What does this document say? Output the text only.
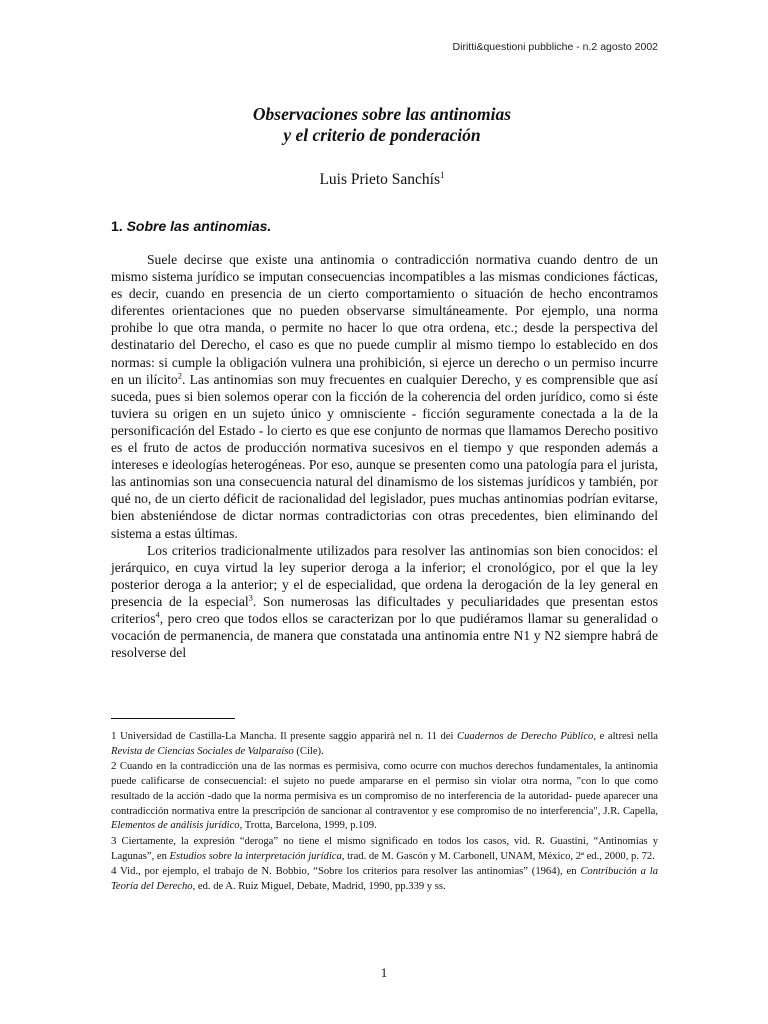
Diritti&questioni pubbliche - n.2 agosto 2002
Observaciones sobre las antinomias
y el criterio de ponderación
Luis Prieto Sanchís$^1$
1. Sobre las antinomias.

Suele decirse que existe una antinomia o contradicción normativa cuando dentro de un mismo sistema jurídico se imputan consecuencias incompatibles a las mismas condiciones fácticas, es decir, cuando en presencia de un cierto comportamiento o situación de hecho encontramos diferentes orientaciones que no pueden observarse simultáneamente. Por ejemplo, una norma prohibe lo que otra manda, o permite no hacer lo que otra ordena, etc.; desde la perspectiva del destinatario del Derecho, el caso es que no puede cumplir al mismo tiempo lo establecido en dos normas: si cumple la obligación vulnera una prohibición, si ejerce un derecho o un permiso incurre en un ilícito$^2$. Las antinomias son muy frecuentes en cualquier Derecho, y es comprensible que así suceda, pues si bien solemos operar con la ficción de la coherencia del orden jurídico, como si éste tuviera su origen en un sujeto único y omnisciente - ficción seguramente conectada a la de la personificación del Estado - lo cierto es que ese conjunto de normas que llamamos Derecho positivo es el fruto de actos de producción normativa sucesivos en el tiempo y que responden además a intereses e ideologías heterogéneas. Por eso, aunque se presenten como una patología para el jurista, las antinomias son una consecuencia natural del dinamismo de los sistemas jurídicos y también, por qué no, de un cierto déficit de racionalidad del legislador, pues muchas antinomias podrían evitarse, bien absteniéndose de dictar normas contradictorias con otras precedentes, bien eliminando del sistema a estas últimas.

Los criterios tradicionalmente utilizados para resolver las antinomias son bien conocidos: el jerárquico, en cuya virtud la ley superior deroga a la inferior; el cronológico, por el que la ley posterior deroga a la anterior; y el de especialidad, que ordena la derogación de la ley general en presencia de la especial$^3$. Son numerosas las dificultades y peculiaridades que presentan estos criterios$^4$, pero creo que todos ellos se caracterizan por lo que pudiéramos llamar su generalidad o vocación de permanencia, de manera que constatada una antinomia entre N1 y N2 siempre habrá de resolverse del

1 Universidad de Castilla-La Mancha. Il presente saggio apparirà nel n. 11 dei Cuadernos de Derecho Público, e altresì nella Revista de Ciencias Sociales de Valparaíso (Cile).

2 Cuando en la contradicción una de las normas es permisiva, como ocurre con muchos derechos fundamentales, la antinomia puede calificarse de consecuencial: el sujeto no puede ampararse en el permiso sin violar otra norma, "con lo que como resultado de la acción -dado que la norma permisiva es un compromiso de no interferencia de la autoridad- puede aparecer una contradicción normativa entre la prescripción de sancionar al contraventor y ese compromiso de no interferencia", J.R. Capella, Elementos de análisis jurídico, Trotta, Barcelona, 1999, p.109.

3 Ciertamente, la expresión “deroga” no tiene el mismo significado en todos los casos, vid. R. Guastini, “Antinomias y Lagunas”, en Estudios sobre la interpretación jurídica, trad. de M. Gascón y M. Carbonell, UNAM, México, 2ª ed., 2000, p. 72.

4 Vid., por ejemplo, el trabajo de N. Bobbio, “Sobre los criterios para resolver las antinomias” (1964), en Contribución a la Teoría del Derecho, ed. de A. Ruiz Miguel, Debate, Madrid, 1990, pp.339 y ss.

1
